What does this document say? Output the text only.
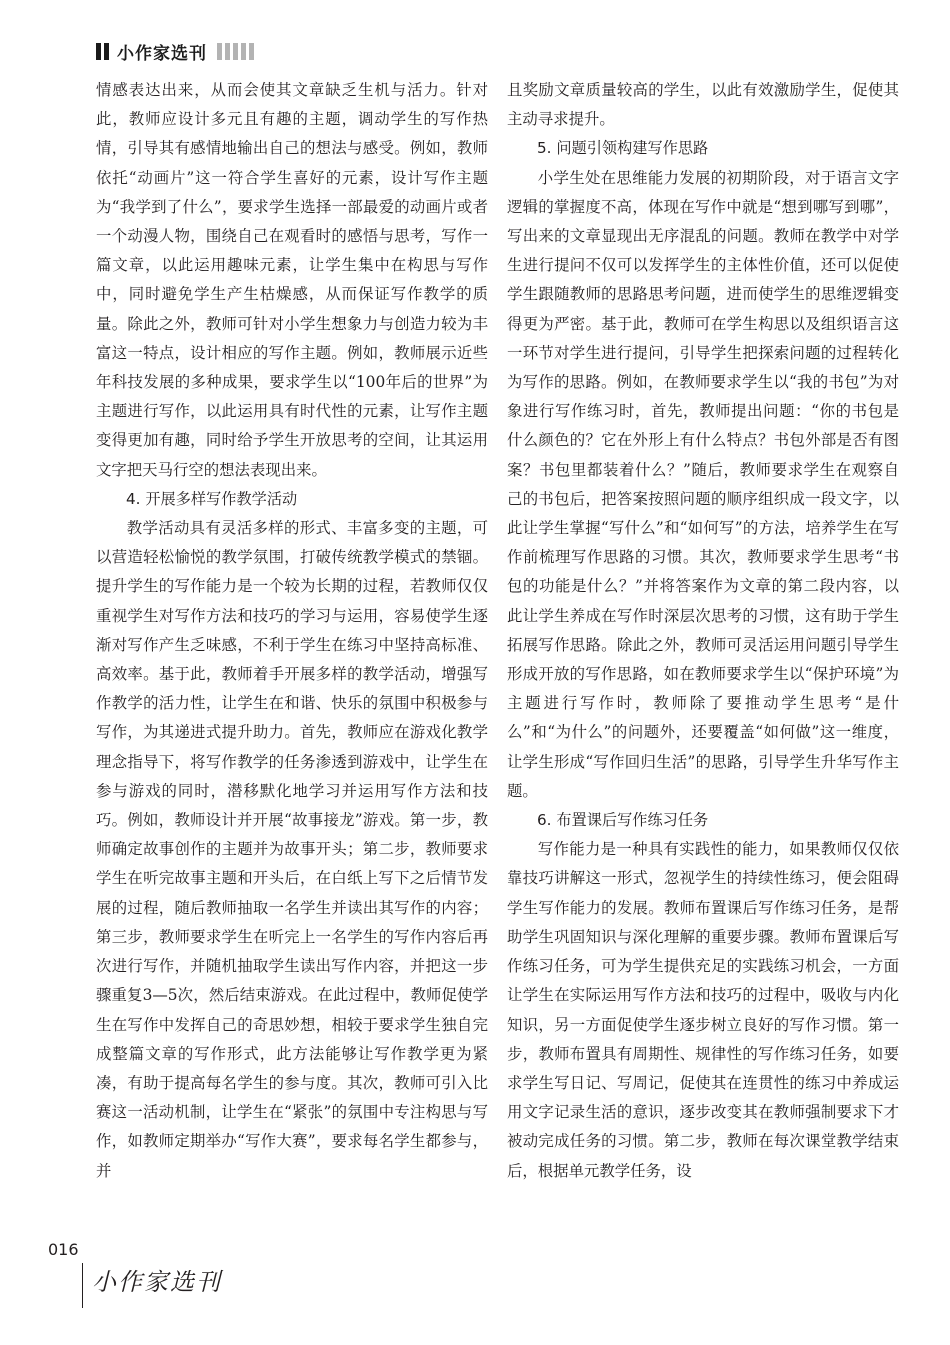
小作家选刊

情感表达出来，从而会使其文章缺乏生机与活力。针对此，教师应设计多元且有趣的主题，调动学生的写作热情，引导其有感情地输出自己的想法与感受。例如，教师依托“动画片”这一符合学生喜好的元素，设计写作主题为“我学到了什么”，要求学生选择一部最爱的动画片或者一个动漫人物，围绕自己在观看时的感悟与思考，写作一篇文章，以此运用趣味元素，让学生集中在构思与写作中，同时避免学生产生枯燥感，从而保证写作教学的质量。除此之外，教师可针对小学生想象力与创造力较为丰富这一特点，设计相应的写作主题。例如，教师展示近些年科技发展的多种成果，要求学生以“100年后的世界”为主题进行写作，以此运用具有时代性的元素，让写作主题变得更加有趣，同时给予学生开放思考的空间，让其运用文字把天马行空的想法表现出来。

4. 开展多样写作教学活动

教学活动具有灵活多样的形式、丰富多变的主题，可以营造轻松愉悦的教学氛围，打破传统教学模式的禁锢。提升学生的写作能力是一个较为长期的过程，若教师仅仅重视学生对写作方法和技巧的学习与运用，容易使学生逐渐对写作产生乏味感，不利于学生在练习中坚持高标准、高效率。基于此，教师着手开展多样的教学活动，增强写作教学的活力性，让学生在和谐、快乐的氛围中积极参与写作，为其递进式提升助力。首先，教师应在游戏化教学理念指导下，将写作教学的任务渗透到游戏中，让学生在参与游戏的同时，潜移默化地学习并运用写作方法和技巧。例如，教师设计并开展“故事接龙”游戏。第一步，教师确定故事创作的主题并为故事开头；第二步，教师要求学生在听完故事主题和开头后，在白纸上写下之后情节发展的过程，随后教师抽取一名学生并读出其写作的内容；第三步，教师要求学生在听完上一名学生的写作内容后再次进行写作，并随机抽取学生读出写作内容，并把这一步骤重复3—5次，然后结束游戏。在此过程中，教师促使学生在写作中发挥自己的奇思妙想，相较于要求学生独自完成整篇文章的写作形式，此方法能够让写作教学更为紧凑，有助于提高每名学生的参与度。其次，教师可引入比赛这一活动机制，让学生在“紧张”的氛围中专注构思与写作，如教师定期举办“写作大赛”，要求每名学生都参与，并

且奖励文章质量较高的学生，以此有效激励学生，促使其主动寻求提升。

5. 问题引领构建写作思路

小学生处在思维能力发展的初期阶段，对于语言文字逻辑的掌握度不高，体现在写作中就是“想到哪写到哪”，写出来的文章显现出无序混乱的问题。教师在教学中对学生进行提问不仅可以发挥学生的主体性价值，还可以促使学生跟随教师的思路思考问题，进而使学生的思维逻辑变得更为严密。基于此，教师可在学生构思以及组织语言这一环节对学生进行提问，引导学生把探索问题的过程转化为写作的思路。例如，在教师要求学生以“我的书包”为对象进行写作练习时，首先，教师提出问题：“你的书包是什么颜色的？它在外形上有什么特点？书包外部是否有图案？书包里都装着什么？”随后，教师要求学生在观察自己的书包后，把答案按照问题的顺序组织成一段文字，以此让学生掌握“写什么”和“如何写”的方法，培养学生在写作前梳理写作思路的习惯。其次，教师要求学生思考“书包的功能是什么？”并将答案作为文章的第二段内容，以此让学生养成在写作时深层次思考的习惯，这有助于学生拓展写作思路。除此之外，教师可灵活运用问题引导学生形成开放的写作思路，如在教师要求学生以“保护环境”为主题进行写作时，教师除了要推动学生思考“是什么”和“为什么”的问题外，还要覆盖“如何做”这一维度，让学生形成“写作回归生活”的思路，引导学生升华写作主题。

6. 布置课后写作练习任务

写作能力是一种具有实践性的能力，如果教师仅仅依靠技巧讲解这一形式，忽视学生的持续性练习，便会阻碍学生写作能力的发展。教师布置课后写作练习任务，是帮助学生巩固知识与深化理解的重要步骤。教师布置课后写作练习任务，可为学生提供充足的实践练习机会，一方面让学生在实际运用写作方法和技巧的过程中，吸收与内化知识，另一方面促使学生逐步树立良好的写作习惯。第一步，教师布置具有周期性、规律性的写作练习任务，如要求学生写日记、写周记，促使其在连贯性的练习中养成运用文字记录生活的意识，逐步改变其在教师强制要求下才被动完成任务的习惯。第二步，教师在每次课堂教学结束后，根据单元教学任务，设

016
小作家选刊
